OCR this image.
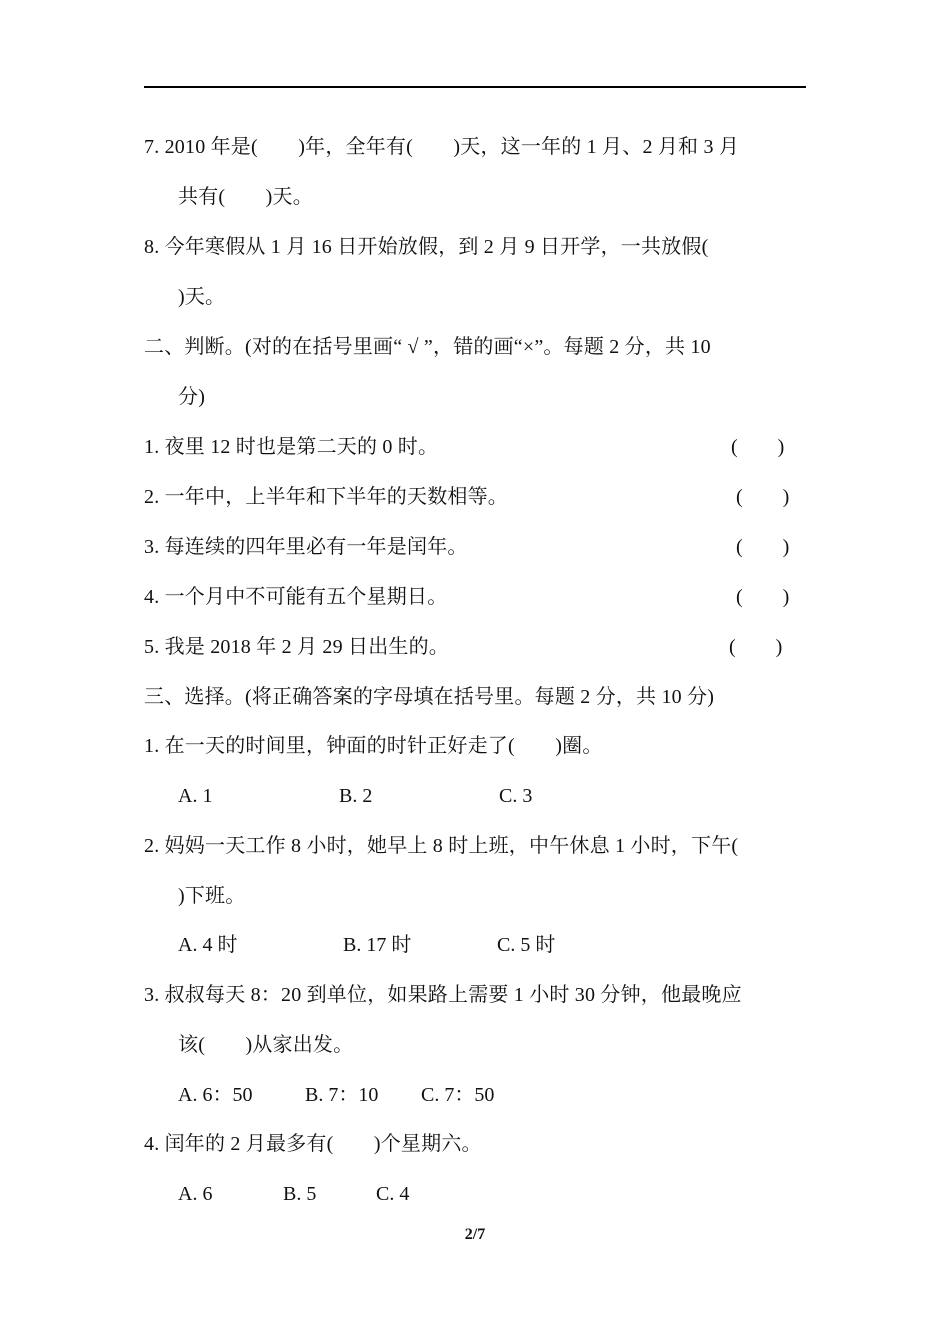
7. 2010 年是(　　)年，全年有(　　)天，这一年的 1 月、2 月和 3 月
共有(　　)天。
8. 今年寒假从 1 月 16 日开始放假，到 2 月 9 日开学，一共放假(
)天。
二、判断。(对的在括号里画“ √ ”，错的画“×”。每题 2 分，共 10
分)
1. 夜里 12 时也是第二天的 0 时。	(　　)
2. 一年中，上半年和下半年的天数相等。	(　　)
3. 每连续的四年里必有一年是闰年。	(　　)
4. 一个月中不可能有五个星期日。	(　　)
5. 我是 2018 年 2 月 29 日出生的。	(　　)
三、选择。(将正确答案的字母填在括号里。每题 2 分，共 10 分)
1. 在一天的时间里，钟面的时针正好走了(　　)圈。
A. 1	B. 2	C. 3
2. 妈妈一天工作 8 小时，她早上 8 时上班，中午休息 1 小时，下午(
)下班。
A. 4 时	B. 17 时	C. 5 时
3. 叔叔每天 8：20 到单位，如果路上需要 1 小时 30 分钟，他最晚应
该(　　)从家出发。
A. 6：50	B. 7：10 C. 7：50
4. 闰年的 2 月最多有(　　)个星期六。
A. 6	B. 5	C. 4
2/7
